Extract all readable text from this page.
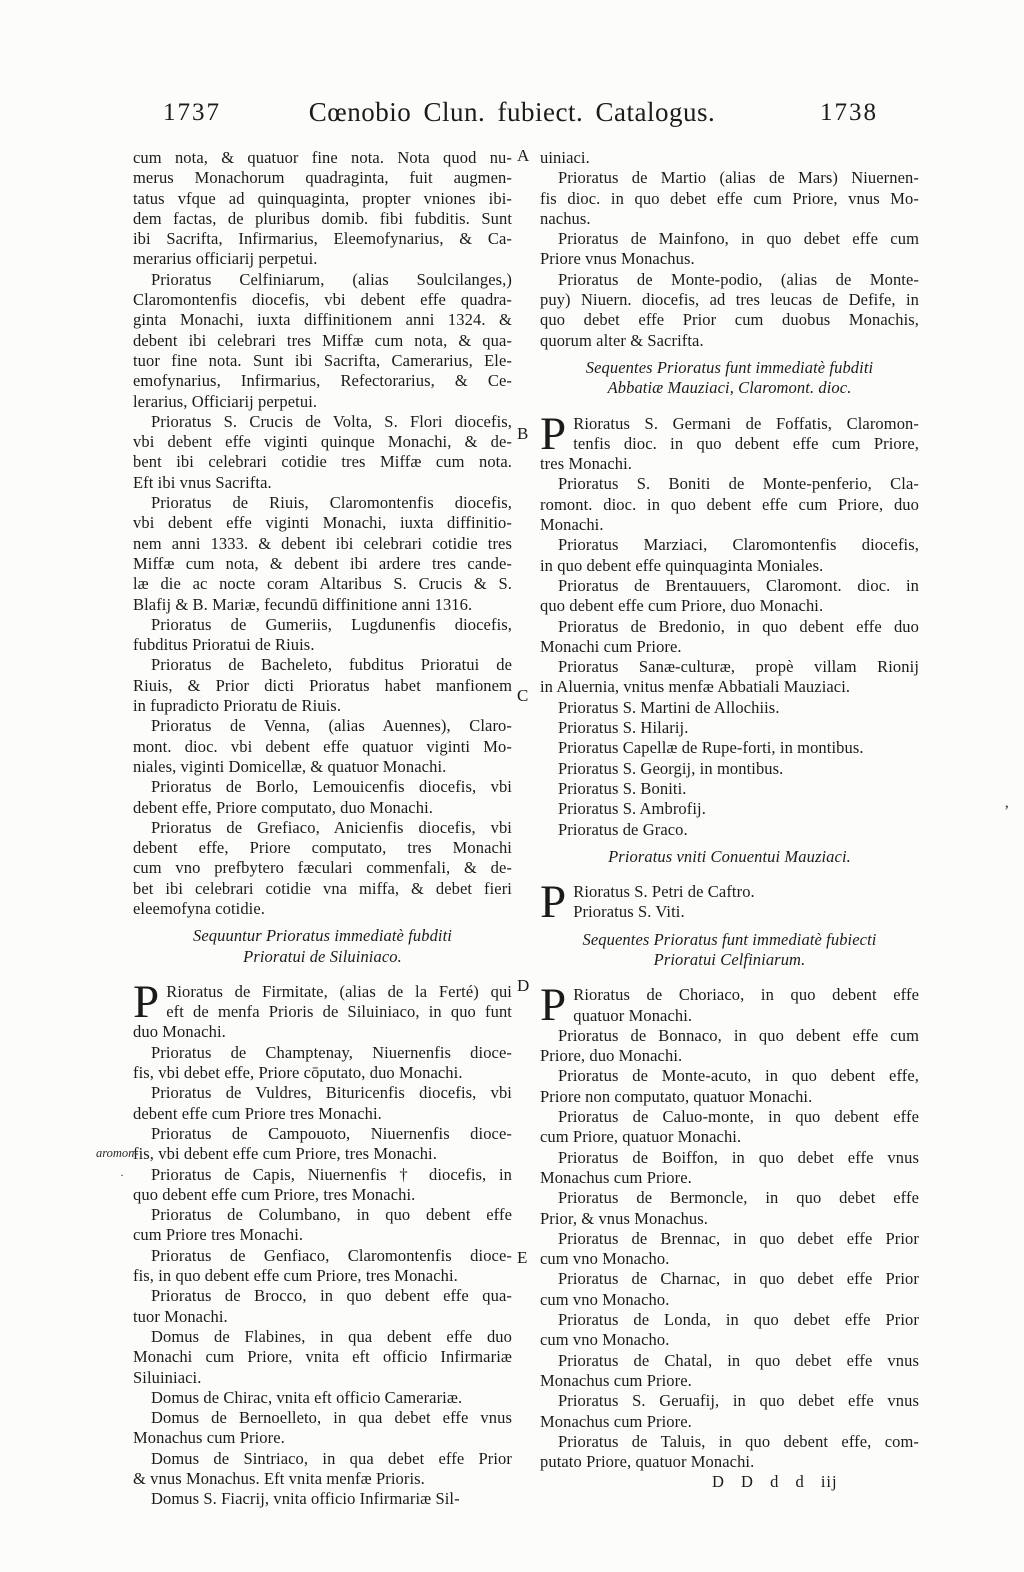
1737	Cœnobio Clun. fubiect. Catalogus.	1738
cum nota, & quatuor fine nota. Nota quod nu-
merus Monachorum quadraginta, fuit augmen-
tatus vfque ad quinquaginta, propter vniones ibi-
dem factas, de pluribus domib. fibi fubditis. Sunt
ibi Sacrifta, Infirmarius, Eleemofynarius, & Ca-
merarius officiarij perpetui.
Prioratus Celfiniarum, (alias Soulcilanges,)
Claromontenfis diocefis, vbi debent effe quadra-
ginta Monachi, iuxta diffinitionem anni 1324. &
debent ibi celebrari tres Miffæ cum nota, & qua-
tuor fine nota. Sunt ibi Sacrifta, Camerarius, Ele-
emofynarius, Infirmarius, Refectorarius, & Ce-
lerarius, Officiarij perpetui.
Prioratus S. Crucis de Volta, S. Flori diocefis,
vbi debent effe viginti quinque Monachi, & de-
bent ibi celebrari cotidie tres Miffæ cum nota.
Eft ibi vnus Sacrifta.
Prioratus de Riuis, Claromontenfis diocefis,
vbi debent effe viginti Monachi, iuxta diffinitio-
nem anni 1333. & debent ibi celebrari cotidie tres
Miffæ cum nota, & debent ibi ardere tres cande-
læ die ac nocte coram Altaribus S. Crucis & S.
Blafij & B. Mariæ, fecundū diffinitione anni 1316.
Prioratus de Gumeriis, Lugdunenfis diocefis,
fubditus Prioratui de Riuis.
Prioratus de Bacheleto, fubditus Prioratui de
Riuis, & Prior dicti Prioratus habet manfionem
in fupradicto Prioratu de Riuis.
Prioratus de Venna, (alias Auennes), Claro-
mont. dioc. vbi debent effe quatuor viginti Mo-
niales, viginti Domicellæ, & quatuor Monachi.
Prioratus de Borlo, Lemouicenfis diocefis, vbi
debent effe, Priore computato, duo Monachi.
Prioratus de Grefiaco, Anicienfis diocefis, vbi
debent effe, Priore computato, tres Monachi
cum vno prefbytero fæculari commenfali, & de-
bet ibi celebrari cotidie vna miffa, & debet fieri
eleemofyna cotidie.
Sequuntur Prioratus immediatè fubditi
Prioratui de Siluiniaco.
P Rioratus de Firmitate, (alias de la Ferté) qui
eft de menfa Prioris de Siluiniaco, in quo funt
duo Monachi.
Prioratus de Champtenay, Niuernenfis dioce-
fis, vbi debet effe, Priore cōputato, duo Monachi.
Prioratus de Vuldres, Bituricenfis diocefis, vbi
debent effe cum Priore tres Monachi.
Prioratus de Campouoto, Niuernenfis dioce-
fis, vbi debent effe cum Priore, tres Monachi.
Prioratus de Capis, Niuernenfis † diocefis, in
quo debent effe cum Priore, tres Monachi.
Prioratus de Columbano, in quo debent effe
cum Priore tres Monachi.
Prioratus de Genfiaco, Claromontenfis dioce-
fis, in quo debent effe cum Priore, tres Monachi.
Prioratus de Brocco, in quo debent effe qua-
tuor Monachi.
Domus de Flabines, in qua debent effe duo
Monachi cum Priore, vnita eft officio Infirmariæ
Siluiniaci.
Domus de Chirac, vnita eft officio Camerariæ.
Domus de Bernoelleto, in qua debet effe vnus
Monachus cum Priore.
Domus de Sintriaco, in qua debet effe Prior
& vnus Monachus. Eft vnita menfæ Prioris.
Domus S. Fiacrij, vnita officio Infirmariæ Sil-
uiniaci.
Prioratus de Martio (alias de Mars) Niuernen-
fis dioc. in quo debet effe cum Priore, vnus Mo-
nachus.
Prioratus de Mainfono, in quo debet effe cum
Priore vnus Monachus.
Prioratus de Monte-podio, (alias de Monte-
puy) Niuern. diocefis, ad tres leucas de Defife, in
quo debet effe Prior cum duobus Monachis,
quorum alter & Sacrifta.
Sequentes Prioratus funt immediatè fubditi
Abbatiæ Mauziaci, Claromont. dioc.
P Rioratus S. Germani de Foffatis, Claromon-
tenfis dioc. in quo debent effe cum Priore,
tres Monachi.
Prioratus S. Boniti de Monte-penferio, Cla-
romont. dioc. in quo debent effe cum Priore, duo
Monachi.
Prioratus Marziaci, Claromontenfis diocefis,
in quo debent effe quinquaginta Moniales.
Prioratus de Brentauuers, Claromont. dioc. in
quo debent effe cum Priore, duo Monachi.
Prioratus de Bredonio, in quo debent effe duo
Monachi cum Priore.
Prioratus Sanæ-culturæ, propè villam Rionij
in Aluernia, vnitus menfæ Abbatiali Mauziaci.
Prioratus S. Martini de Allochiis.
Prioratus S. Hilarij.
Prioratus Capellæ de Rupe-forti, in montibus.
Prioratus S. Georgij, in montibus.
Prioratus S. Boniti.
Prioratus S. Ambrofij.
Prioratus de Graco.
Prioratus vniti Conuentui Mauziaci.
P Rioratus S. Petri de Caftro.
Prioratus S. Viti.
Sequentes Prioratus funt immediatè fubiecti
Prioratui Celfiniarum.
P Rioratus de Choriaco, in quo debent effe
quatuor Monachi.
Prioratus de Bonnaco, in quo debent effe cum
Priore, duo Monachi.
Prioratus de Monte-acuto, in quo debent effe,
Priore non computato, quatuor Monachi.
Prioratus de Caluo-monte, in quo debent effe
cum Priore, quatuor Monachi.
Prioratus de Boiffon, in quo debet effe vnus
Monachus cum Priore.
Prioratus de Bermoncle, in quo debet effe
Prior, & vnus Monachus.
Prioratus de Brennac, in quo debet effe Prior
cum vno Monacho.
Prioratus de Charnac, in quo debet effe Prior
cum vno Monacho.
Prioratus de Londa, in quo debet effe Prior
cum vno Monacho.
Prioratus de Chatal, in quo debet effe vnus
Monachus cum Priore.
Prioratus S. Geruafij, in quo debet effe vnus
Monachus cum Priore.
Prioratus de Taluis, in quo debent effe, com-
putato Priore, quatuor Monachi.
D D d d iij
A
B
C
D
E
aromon-
·
’
